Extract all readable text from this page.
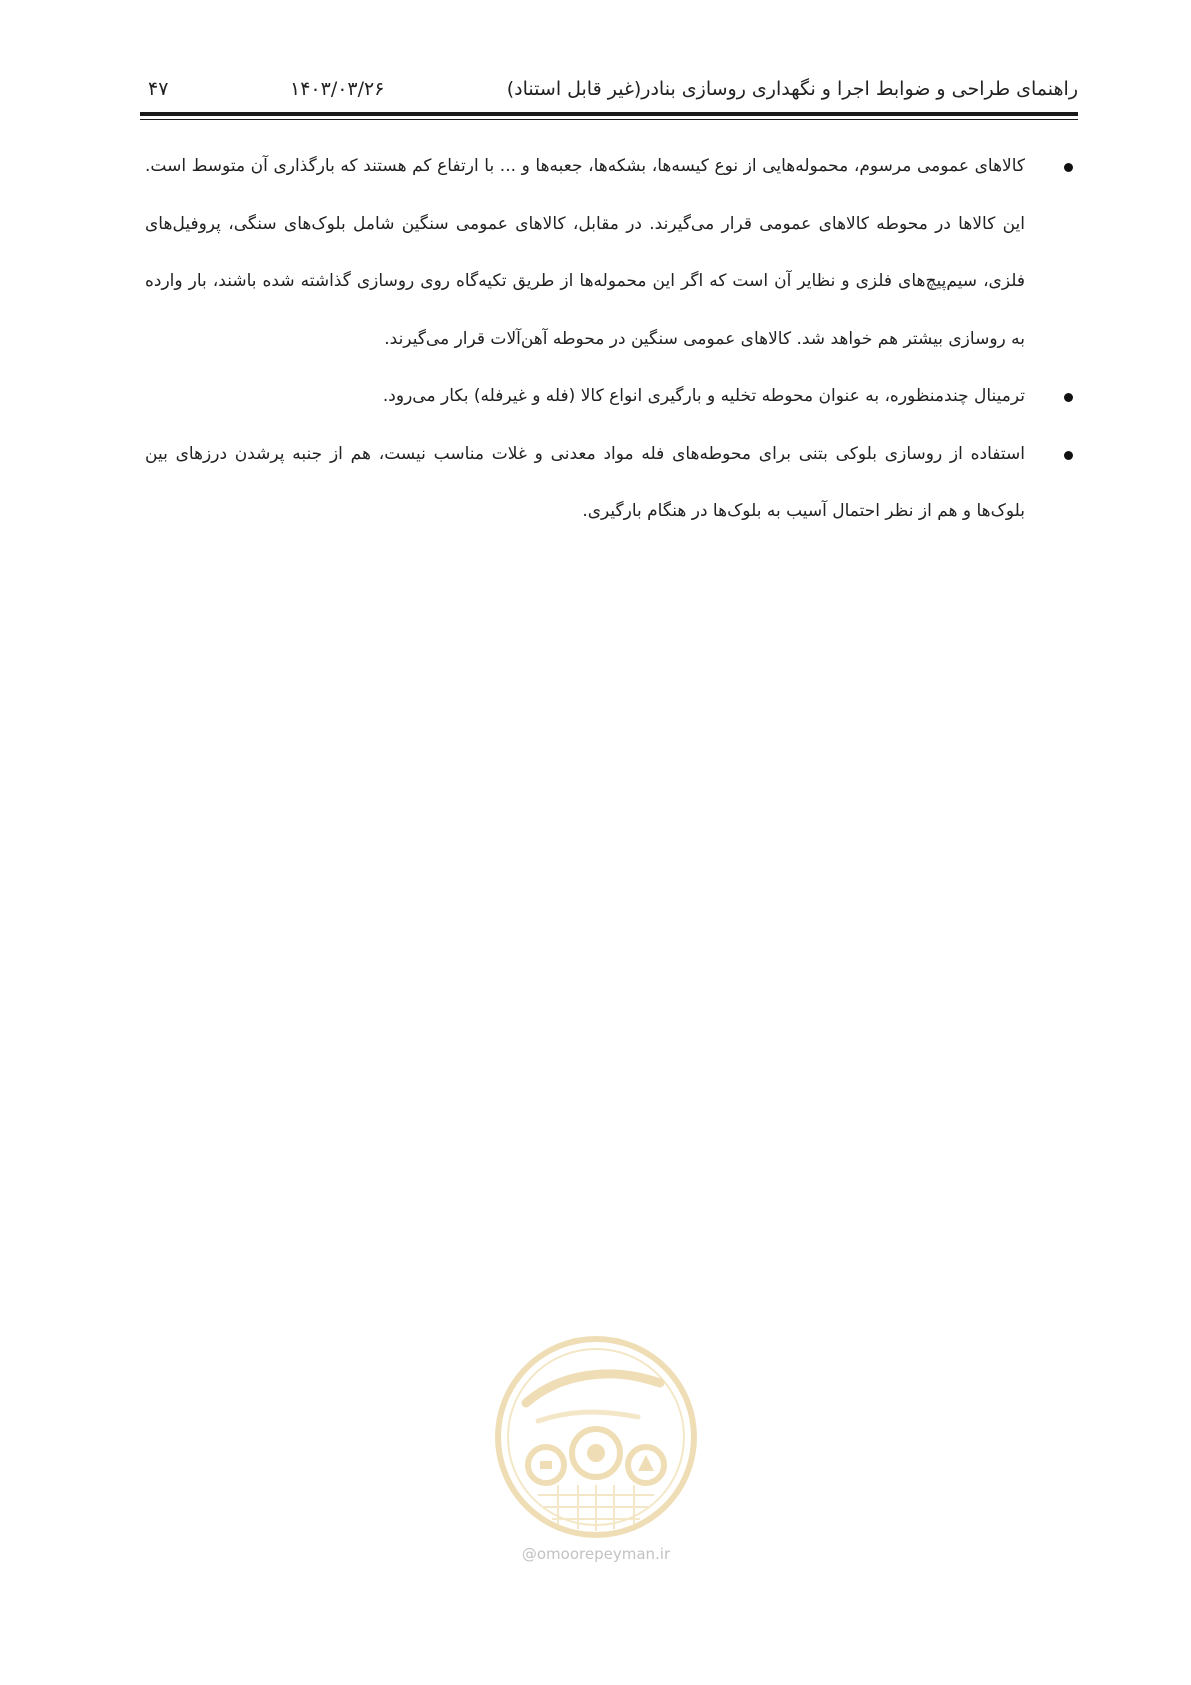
راهنمای طراحی و ضوابط اجرا و نگهداری روسازی بنادر(غیر قابل استناد)
۱۴۰۳/۰۳/۲۶
۴۷
کالاهای عمومی مرسوم، محموله‌هایی از نوع کیسه‌ها، بشکه‌ها، جعبه‌ها و ... با ارتفاع کم هستند که بارگذاری آن متوسط است. این کالاها در محوطه کالاهای عمومی قرار می‌گیرند. در مقابل، کالاهای عمومی سنگین شامل بلوک‌های سنگی، پروفیل‌های فلزی، سیم‌پیچ‌های فلزی و نظایر آن است که اگر این محموله‌ها از طریق تکیه‌گاه روی روسازی گذاشته شده باشند، بار وارده به روسازی بیشتر هم خواهد شد. کالاهای عمومی سنگین در محوطه آهن‌آلات قرار می‌گیرند.
ترمینال چندمنظوره، به عنوان محوطه تخلیه و بارگیری انواع کالا (فله و غیرفله) بکار می‌رود.
استفاده از روسازی بلوکی بتنی برای محوطه‌های فله مواد معدنی و غلات مناسب نیست، هم از جنبه پرشدن درزهای بین بلوک‌ها و هم از نظر احتمال آسیب به بلوک‌ها در هنگام بارگیری.
@omoorepeyman.ir
